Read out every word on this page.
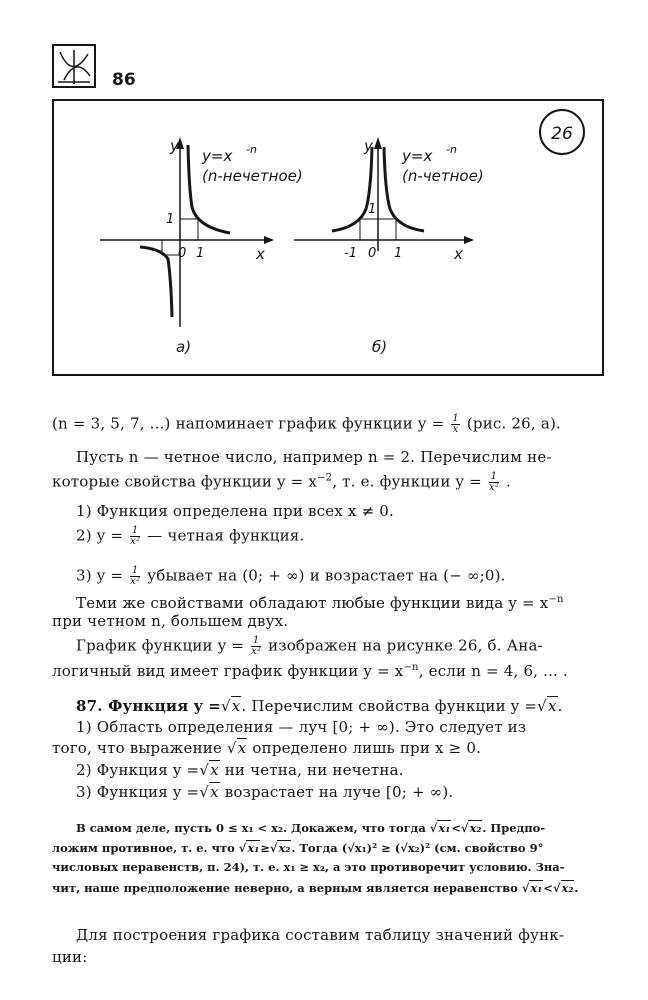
86
26
y
x
1
0 1
y=x -n
(n-нечетное)
а)
y
x
1
-1 0 1
y=x -n
(n-четное)
б)
(n = 3, 5, 7, ...) напоминает график функции $y = \frac{1}{x} (рис$. 26, а).
Пусть n — четное число, например n = 2. Перечислим не-
которые свойства функции $y = x^{-2}$, т. е. функции $y = \frac{1}{\text{x²}}$ .
1) Функция определена при всех x ≠ 0.
2) $y = \frac{1}{\text{x²}}$ — четная функция.
3) $y = \frac{1}{\text{x²}}$ убывает на (0; + ∞) и возрастает на (− ∞;0).
Теми же свойствами обладают любые функции вида $y = x^{-n}$
при четном n, большем двух.
График функции $y = \frac{1}{\text{x²}}$ изображен на рисунке 26, б. Ана-
логичный вид имеет график функции $y = x^{-n}$, если n = 4, 6, ... .
87. Функция y =√x. Перечислим свойства функции y =√x.
1) Область определения — луч [0; + ∞). Это следует из
того, что выражение √x определено лишь при x ≥ 0.
2) Функция y =√x ни четна, ни нечетна.
3) Функция y =√x возрастает на луче [0; + ∞).
В самом деле, пусть 0 ≤ x₁ < x₂. Докажем, что тогда √x₁<√x₂. Предпо-
ложим противное, т. е. что √x₁≥√x₂. Тогда (√x₁)² ≥ (√x₂)² (см. свойство 9°
числовых неравенств, п. 24), т. е. x₁ ≥ x₂, а это противоречит условию. Зна-
чит, наше предположение неверно, а верным является неравенство √x₁<√x₂.
Для построения графика составим таблицу значений функ-
ции:
